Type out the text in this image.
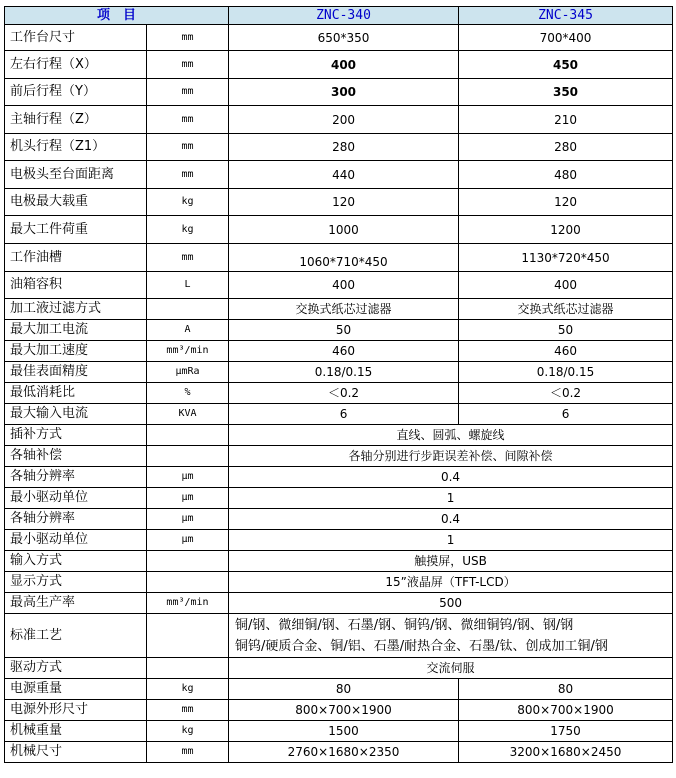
项　目		ZNC-340	ZNC-345
工作台尺寸	mm	650*350	700*400
左右行程（X）	mm	400	450
前后行程（Y）	mm	300	350
主轴行程（Z）	mm	200	210
机头行程（Z1）	mm	280	280
电极头至台面距离	mm	440	480
电极最大载重	kg	120	120
最大工件荷重	kg	1000	1200
工作油槽	mm	1060*710*450	1130*720*450
油箱容积	L	400	400
加工液过滤方式		交换式纸芯过滤器	交换式纸芯过滤器
最大加工电流	A	50	50
最大加工速度	mm³/min	460	460
最佳表面精度	μmRa	0.18/0.15	0.18/0.15
最低消耗比	%	＜0.2	＜0.2
最大输入电流	KVA	6	6
插补方式		直线、圆弧、螺旋线	
各轴补偿		各轴分别进行步距误差补偿、间隙补偿	
各轴分辨率	μm	0.4	
最小驱动单位	μm	1	
各轴分辨率	μm	0.4	
最小驱动单位	μm	1	
输入方式		触摸屏，USB	
显示方式		15”液晶屏（TFT-LCD）	
最高生产率	mm³/min	500	
标准工艺		铜/钢、微细铜/钢、石墨/钢、铜钨/钢、微细铜钨/钢、钢/钢
铜钨/硬质合金、铜/铝、石墨/耐热合金、石墨/钛、创成加工铜/钢	

驱动方式		交流伺服	
电源重量	kg	80	80
电源外形尺寸	mm	800×700×1900	800×700×1900
机械重量	kg	1500	1750
机械尺寸	mm	2760×1680×2350	3200×1680×2450
